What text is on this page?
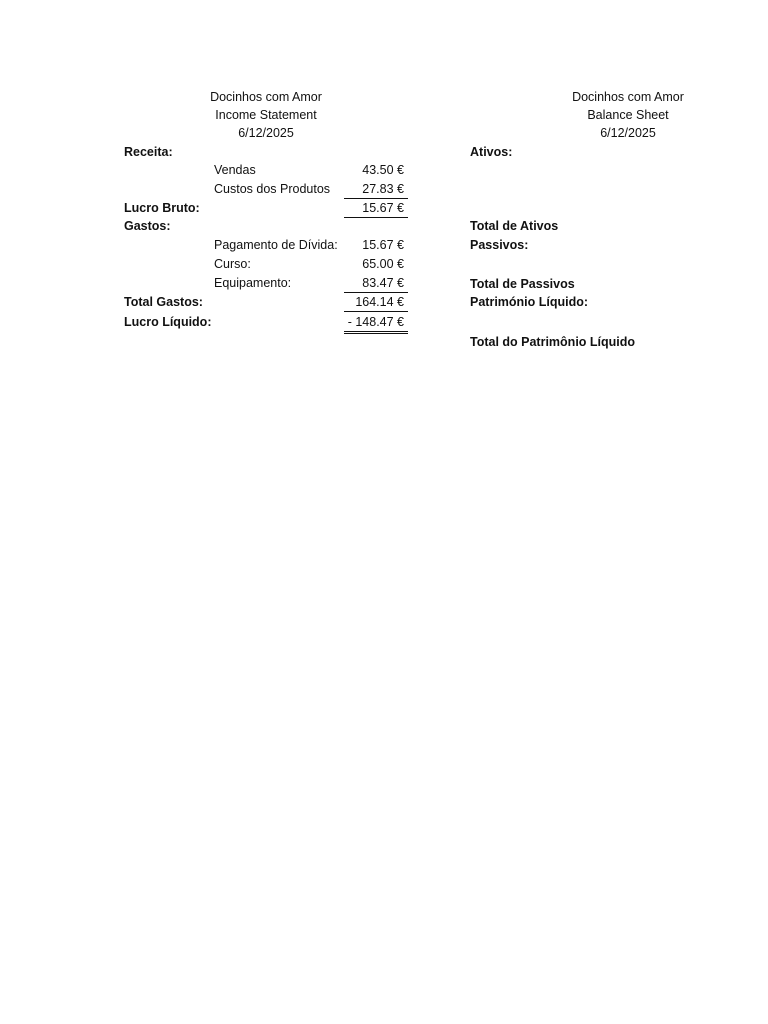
Docinhos com Amor
Income Statement
6/12/2025
Receita:
Vendas	43.50 €
Custos dos Produtos	27.83 €
Lucro Bruto:	15.67 €
Gastos:
Pagamento de Dívida:	15.67 €
Curso:	65.00 €
Equipamento:	83.47 €
Total Gastos:	164.14 €
Lucro Líquido:	- 148.47 €
Docinhos com Amor
Balance Sheet
6/12/2025
Ativos:
Total de Ativos
Passivos:
Total de Passivos
Património Líquido:
Total do Patrimônio Líquido
